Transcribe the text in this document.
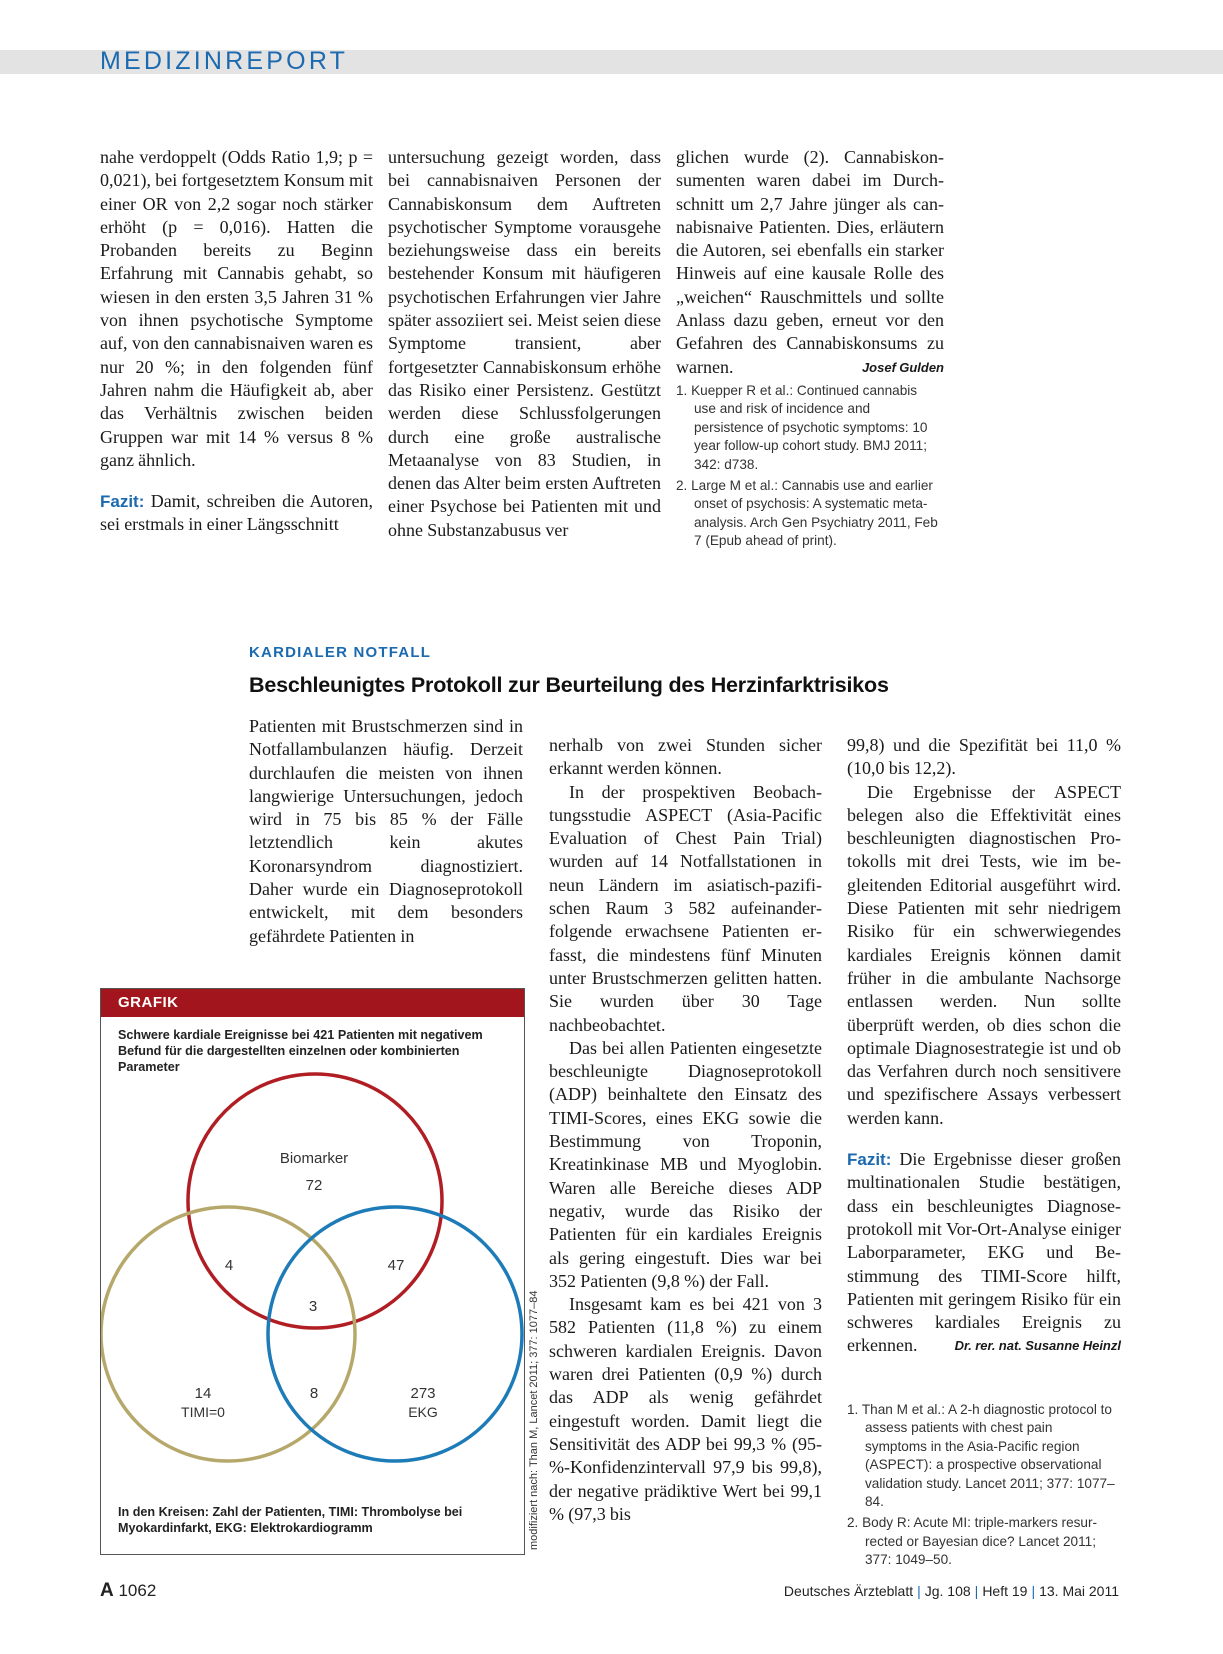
MEDIZINREPORT

nahe verdoppelt (Odds Ratio 1,9; p = 0,021), bei fortgesetztem Konsum mit einer OR von 2,2 sogar noch stärker erhöht (p = 0,016). Hatten die Probanden bereits zu Beginn Erfahrung mit Cannabis gehabt, so wiesen in den ersten 3,5 Jahren 31 % von ihnen psychotische Symptome auf, von den cannabisnaiven waren es nur 20 %; in den folgenden fünf Jahren nahm die Häufigkeit ab, aber das Verhältnis zwischen beiden Gruppen war mit 14 % versus 8 % ganz ähnlich.

Fazit: Damit, schreiben die Autoren, sei erstmals in einer Längsschnitt

untersuchung gezeigt worden, dass bei cannabisnaiven Personen der Cannabiskonsum dem Auftreten psychotischer Symptome vorausgehe beziehungsweise dass ein bereits bestehender Konsum mit häufigeren psychotischen Erfahrungen vier Jahre später assoziiert sei. Meist seien diese Symptome transient, aber fortgesetzter Cannabiskonsum erhöhe das Risiko einer Persistenz. Gestützt werden diese Schlussfolgerungen durch eine große australische Metaanalyse von 83 Studien, in denen das Alter beim ersten Auftreten einer Psychose bei Patienten mit und ohne Substanzabusus ver

glichen wurde (2). Cannabiskonsumenten waren dabei im Durchschnitt um 2,7 Jahre jünger als cannabisnaive Patienten. Dies, erläutern die Autoren, sei ebenfalls ein starker Hinweis auf eine kausale Rolle des „weichen“ Rauschmittels und sollte Anlass dazu geben, erneut vor den Gefahren des Cannabiskonsums zu warnen.	Josef Gulden

1. Kuepper R et al.: Continued cannabis use and risk of incidence and persistence of psychotic symptoms: 10 year follow-up cohort study. BMJ 2011; 342: d738.
2. Large M et al.: Cannabis use and earlier onset of psychosis: A systematic meta-analysis. Arch Gen Psychiatry 2011, Feb 7 (Epub ahead of print).
KARDIALER NOTFALL
Beschleunigtes Protokoll zur Beurteilung des Herzinfarktrisikos

Patienten mit Brustschmerzen sind in Notfallambulanzen häufig. Derzeit durchlaufen die meisten von ihnen langwierige Untersuchungen, jedoch wird in 75 bis 85 % der Fälle letztendlich kein akutes Koronarsyndrom diagnostiziert. Daher wurde ein Diagnoseprotokoll entwickelt, mit dem besonders gefährdete Patienten in

GRAFIK
Schwere kardiale Ereignisse bei 421 Patienten mit negativem Befund für die dargestellten einzelnen oder kombinierten Parameter
Biomarker
72
4	47
3
14
TIMI=0
8	273
EKG
In den Kreisen: Zahl der Patienten, TIMI: Thrombolyse bei Myokardinfarkt, EKG: Elektrokardiogramm	modifiziert nach: Than M, Lancet 2011; 377: 1077–84

nerhalb von zwei Stunden sicher erkannt werden können.

In der prospektiven Beobachtungsstudie ASPECT (Asia-Pacific Evaluation of Chest Pain Trial) wurden auf 14 Notfallstationen in neun Ländern im asiatisch-pazifischen Raum 3 582 aufeinanderfolgende erwachsene Patienten erfasst, die mindestens fünf Minuten unter Brustschmerzen gelitten hatten. Sie wurden über 30 Tage nachbeobachtet.

Das bei allen Patienten eingesetzte beschleunigte Diagnoseprotokoll (ADP) beinhaltete den Einsatz des TIMI-Scores, eines EKG sowie die Bestimmung von Troponin, Kreatinkinase MB und Myoglobin. Waren alle Bereiche dieses ADP negativ, wurde das Risiko der Patienten für ein kardiales Ereignis als gering eingestuft. Dies war bei 352 Patienten (9,8 %) der Fall.

Insgesamt kam es bei 421 von 3 582 Patienten (11,8 %) zu einem schweren kardialen Ereignis. Davon waren drei Patienten (0,9 %) durch das ADP als wenig gefährdet eingestuft worden. Damit liegt die Sensitivität des ADP bei 99,3 % (95-%-Konfidenzintervall 97,9 bis 99,8), der negative prädiktive Wert bei 99,1 % (97,3 bis

99,8) und die Spezifität bei 11,0 % (10,0 bis 12,2).

Die Ergebnisse der ASPECT belegen also die Effektivität eines beschleunigten diagnostischen Protokolls mit drei Tests, wie im begleitenden Editorial ausgeführt wird. Diese Patienten mit sehr niedrigem Risiko für ein schwerwiegendes kardiales Ereignis können damit früher in die ambulante Nachsorge entlassen werden. Nun sollte überprüft werden, ob dies schon die optimale Diagnosestrategie ist und ob das Verfahren durch noch sensitivere und spezifischere Assays verbessert werden kann.

Fazit: Die Ergebnisse dieser großen multinationalen Studie bestätigen, dass ein beschleunigtes Diagnoseprotokoll mit Vor-Ort-Analyse einiger Laborparameter, EKG und Bestimmung des TIMI-Score hilft, Patienten mit geringem Risiko für ein schweres kardiales Ereignis zu erkennen.	Dr. rer. nat. Susanne Heinzl

1. Than M et al.: A 2-h diagnostic protocol to assess patients with chest pain symptoms in the Asia-Pacific region (ASPECT): a prospective observational validation study. Lancet 2011; 377: 1077–84.
2. Body R: Acute MI: triple-markers resurrected or Bayesian dice? Lancet 2011; 377: 1049–50.
A 1062	Deutsches Ärzteblatt | Jg. 108 | Heft 19 | 13. Mai 2011
